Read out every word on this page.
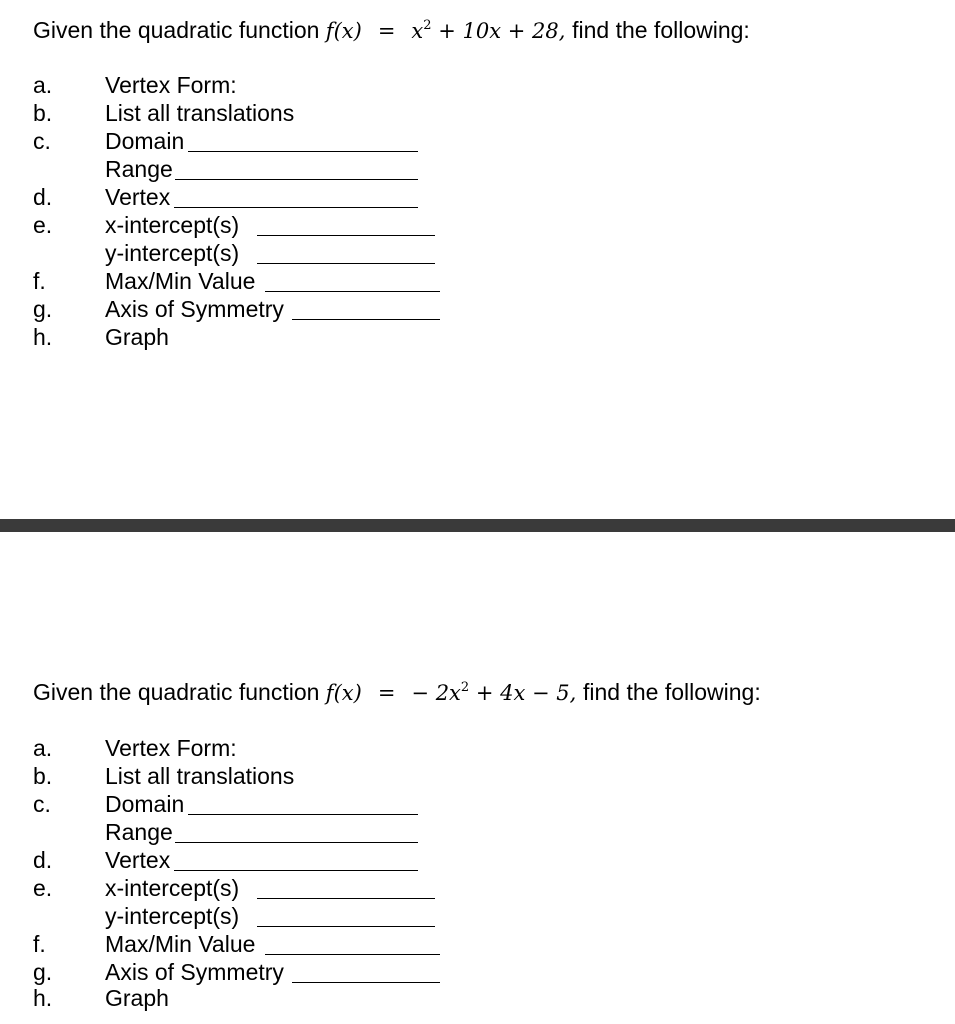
Given the quadratic function $f(x) = x^2 + 10x + 28$, find the following:
a. Vertex Form:
b. List all translations
c. Domain
Range
d. Vertex
e. x-intercept(s)
y-intercept(s)
f.	Max/Min Value
g. Axis of Symmetry
h. Graph
Given the quadratic function f(x) = − $2x^2 + 4x - 5$, find the following:
a. Vertex Form:
b. List all translations
c. Domain
Range
d. Vertex
e. x-intercept(s)
y-intercept(s)
f.	Max/Min Value
g. Axis of Symmetry
h. Graph
